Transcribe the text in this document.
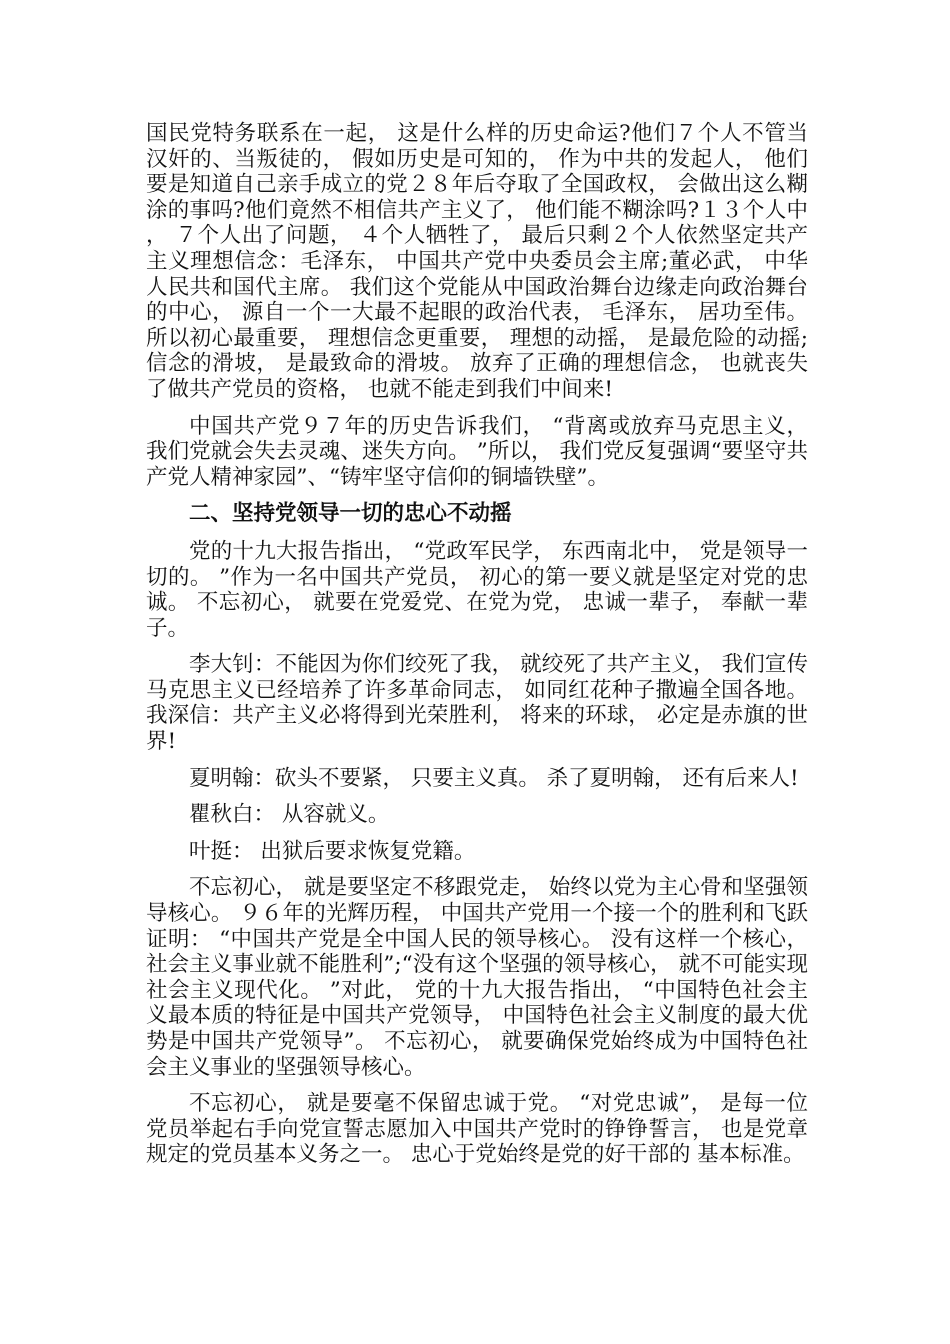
国民党特务联系在一起， 这是什么样的历史命运?他们７个人不管当汉奸的、当叛徒的， 假如历史是可知的， 作为中共的发起人， 他们要是知道自己亲手成立的党２８年后夺取了全国政权， 会做出这么糊涂的事吗?他们竟然不相信共产主义了， 他们能不糊涂吗?１３个人中， ７个人出了问题， ４个人牺牲了， 最后只剩２个人依然坚定共产主义理想信念：毛泽东， 中国共产党中央委员会主席;董必武， 中华人民共和国代主席。 我们这个党能从中国政治舞台边缘走向政治舞台的中心， 源自一个一大最不起眼的政治代表， 毛泽东， 居功至伟。 所以初心最重要， 理想信念更重要， 理想的动摇， 是最危险的动摇;信念的滑坡， 是最致命的滑坡。 放弃了正确的理想信念， 也就丧失了做共产党员的资格， 也就不能走到我们中间来!

中国共产党９７年的历史告诉我们， “背离或放弃马克思主义， 我们党就会失去灵魂、迷失方向。 ”所以， 我们党反复强调“要坚守共产党人精神家园”、“铸牢坚守信仰的铜墙铁壁”。

二、坚持党领导一切的忠心不动摇

党的十九大报告指出， “党政军民学， 东西南北中， 党是领导一切的。 ”作为一名中国共产党员， 初心的第一要义就是坚定对党的忠诚。 不忘初心， 就要在党爱党、在党为党， 忠诚一辈子， 奉献一辈子。

李大钊：不能因为你们绞死了我， 就绞死了共产主义， 我们宣传马克思主义已经培养了许多革命同志， 如同红花种子撒遍全国各地。 我深信：共产主义必将得到光荣胜利， 将来的环球， 必定是赤旗的世界!

夏明翰：砍头不要紧， 只要主义真。 杀了夏明翰， 还有后来人!

瞿秋白： 从容就义。

叶挺： 出狱后要求恢复党籍。

不忘初心， 就是要坚定不移跟党走， 始终以党为主心骨和坚强领导核心。 ９６年的光辉历程， 中国共产党用一个接一个的胜利和飞跃证明： “中国共产党是全中国人民的领导核心。 没有这样一个核心， 社会主义事业就不能胜利”;“没有这个坚强的领导核心， 就不可能实现社会主义现代化。 ”对此， 党的十九大报告指出， “中国特色社会主义最本质的特征是中国共产党领导， 中国特色社会主义制度的最大优势是中国共产党领导”。 不忘初心， 就要确保党始终成为中国特色社会主义事业的坚强领导核心。

不忘初心， 就是要毫不保留忠诚于党。 “对党忠诚”， 是每一位党员举起右手向党宣誓志愿加入中国共产党时的铮铮誓言， 也是党章规定的党员基本义务之一。 忠心于党始终是党的好干部的 基本标准。
